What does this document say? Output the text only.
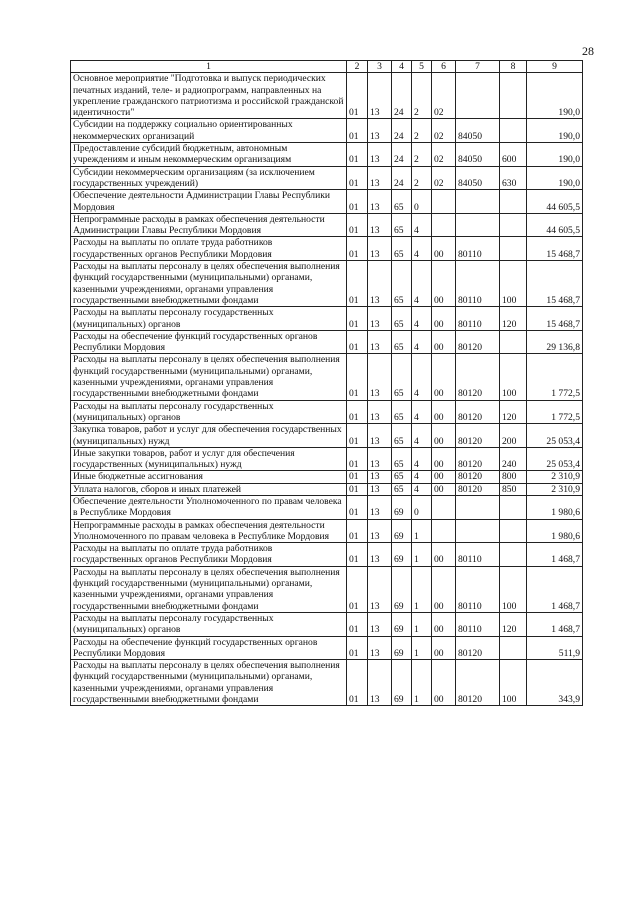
28
1	2	3	4	5	6	7	8	9
Основное мероприятие "Подготовка и выпуск периодических печатных изданий, теле- и радиопрограмм, направленных на укрепление гражданского патриотизма и российской гражданской идентичности"	01	13	24	2	02			190,0
Субсидии на поддержку социально ориентированных некоммерческих организаций	01	13	24	2	02	84050		190,0
Предоставление субсидий бюджетным, автономным учреждениям и иным некоммерческим организациям	01	13	24	2	02	84050	600	190,0
Субсидии некоммерческим организациям (за исключением государственных учреждений)	01	13	24	2	02	84050	630	190,0
Обеспечение деятельности Администрации Главы Республики Мордовия	01	13	65	0				44 605,5
Непрограммные расходы в рамках обеспечения деятельности Администрации Главы Республики Мордовия	01	13	65	4				44 605,5
Расходы на выплаты по оплате труда работников государственных органов Республики Мордовия	01	13	65	4	00	80110		15 468,7
Расходы на выплаты персоналу в целях обеспечения выполнения функций государственными (муниципальными) органами, казенными учреждениями, органами управления государственными внебюджетными фондами	01	13	65	4	00	80110	100	15 468,7
Расходы на выплаты персоналу государственных (муниципальных) органов	01	13	65	4	00	80110	120	15 468,7
Расходы на обеспечение функций государственных органов Республики Мордовия	01	13	65	4	00	80120		29 136,8
Расходы на выплаты персоналу в целях обеспечения выполнения функций государственными (муниципальными) органами, казенными учреждениями, органами управления государственными внебюджетными фондами	01	13	65	4	00	80120	100	1 772,5
Расходы на выплаты персоналу государственных (муниципальных) органов	01	13	65	4	00	80120	120	1 772,5
Закупка товаров, работ и услуг для обеспечения государственных (муниципальных) нужд	01	13	65	4	00	80120	200	25 053,4
Иные закупки товаров, работ и услуг для обеспечения государственных (муниципальных) нужд	01	13	65	4	00	80120	240	25 053,4
Иные бюджетные ассигнования	01	13	65	4	00	80120	800	2 310,9
Уплата налогов, сборов и иных платежей	01	13	65	4	00	80120	850	2 310,9
Обеспечение деятельности Уполномоченного по правам человека в Республике Мордовия	01	13	69	0				1 980,6
Непрограммные расходы в рамках обеспечения деятельности Уполномоченного по правам человека в Республике Мордовия	01	13	69	1				1 980,6
Расходы на выплаты по оплате труда работников государственных органов Республики Мордовия	01	13	69	1	00	80110		1 468,7
Расходы на выплаты персоналу в целях обеспечения выполнения функций государственными (муниципальными) органами, казенными учреждениями, органами управления государственными внебюджетными фондами	01	13	69	1	00	80110	100	1 468,7
Расходы на выплаты персоналу государственных (муниципальных) органов	01	13	69	1	00	80110	120	1 468,7
Расходы на обеспечение функций государственных органов Республики Мордовия	01	13	69	1	00	80120		511,9
Расходы на выплаты персоналу в целях обеспечения выполнения функций государственными (муниципальными) органами, казенными учреждениями, органами управления государственными внебюджетными фондами	01	13	69	1	00	80120	100	343,9
